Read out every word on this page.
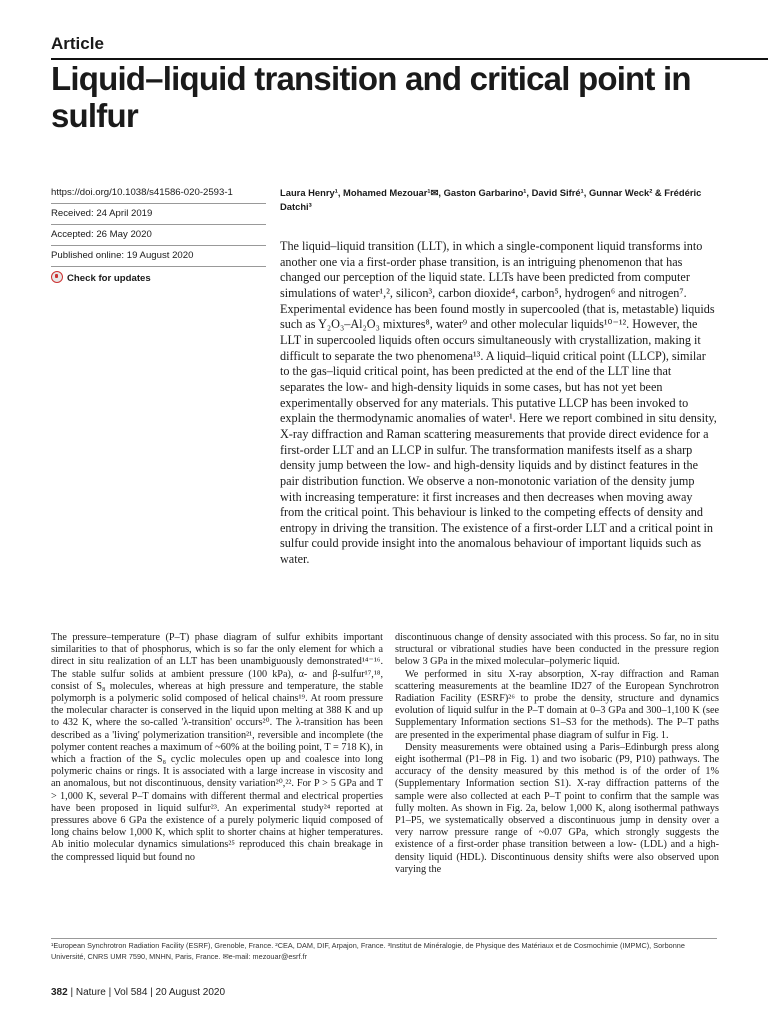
Article
Liquid–liquid transition and critical point in sulfur
https://doi.org/10.1038/s41586-020-2593-1
Received: 24 April 2019
Accepted: 26 May 2020
Published online: 19 August 2020
Check for updates
Laura Henry¹, Mohamed Mezouar¹✉, Gaston Garbarino¹, David Sifré¹, Gunnar Weck² & Frédéric Datchi³
The liquid–liquid transition (LLT), in which a single-component liquid transforms into another one via a first-order phase transition, is an intriguing phenomenon that has changed our perception of the liquid state. LLTs have been predicted from computer simulations of water¹,², silicon³, carbon dioxide⁴, carbon⁵, hydrogen⁶ and nitrogen⁷. Experimental evidence has been found mostly in supercooled (that is, metastable) liquids such as Y₂O₃–Al₂O₃ mixtures⁸, water⁹ and other molecular liquids¹⁰⁻¹². However, the LLT in supercooled liquids often occurs simultaneously with crystallization, making it difficult to separate the two phenomena¹³. A liquid–liquid critical point (LLCP), similar to the gas–liquid critical point, has been predicted at the end of the LLT line that separates the low- and high-density liquids in some cases, but has not yet been experimentally observed for any materials. This putative LLCP has been invoked to explain the thermodynamic anomalies of water¹. Here we report combined in situ density, X-ray diffraction and Raman scattering measurements that provide direct evidence for a first-order LLT and an LLCP in sulfur. The transformation manifests itself as a sharp density jump between the low- and high-density liquids and by distinct features in the pair distribution function. We observe a non-monotonic variation of the density jump with increasing temperature: it first increases and then decreases when moving away from the critical point. This behaviour is linked to the competing effects of density and entropy in driving the transition. The existence of a first-order LLT and a critical point in sulfur could provide insight into the anomalous behaviour of important liquids such as water.

The pressure–temperature (P–T) phase diagram of sulfur exhibits important similarities to that of phosphorus, which is so far the only element for which a direct in situ realization of an LLT has been unambiguously demonstrated¹⁴⁻¹⁶. The stable sulfur solids at ambient pressure (100 kPa), α- and β-sulfur¹⁷,¹⁸, consist of S₈ molecules, whereas at high pressure and temperature, the stable polymorph is a polymeric solid composed of helical chains¹⁹. At room pressure the molecular character is conserved in the liquid upon melting at 388 K and up to 432 K, where the so-called 'λ-transition' occurs²⁰. The λ-transition has been described as a 'living' polymerization transition²¹, reversible and incomplete (the polymer content reaches a maximum of ~60% at the boiling point, T = 718 K), in which a fraction of the S₈ cyclic molecules open up and coalesce into long polymeric chains or rings. It is associated with a large increase in viscosity and an anomalous, but not discontinuous, density variation²⁰,²². For P > 5 GPa and T > 1,000 K, several P–T domains with different thermal and electrical properties have been proposed in liquid sulfur²³. An experimental study²⁴ reported at pressures above 6 GPa the existence of a purely polymeric liquid composed of long chains below 1,000 K, which split to shorter chains at higher temperatures. Ab initio molecular dynamics simulations²⁵ reproduced this chain breakage in the compressed liquid but found no

discontinuous change of density associated with this process. So far, no in situ structural or vibrational studies have been conducted in the pressure region below 3 GPa in the mixed molecular–polymeric liquid.

We performed in situ X-ray absorption, X-ray diffraction and Raman scattering measurements at the beamline ID27 of the European Synchrotron Radiation Facility (ESRF)²⁶ to probe the density, structure and dynamics evolution of liquid sulfur in the P–T domain at 0–3 GPa and 300–1,100 K (see Supplementary Information sections S1–S3 for the methods). The P–T paths are presented in the experimental phase diagram of sulfur in Fig. 1.

Density measurements were obtained using a Paris–Edinburgh press along eight isothermal (P1–P8 in Fig. 1) and two isobaric (P9, P10) pathways. The accuracy of the density measured by this method is of the order of 1% (Supplementary Information section S1). X-ray diffraction patterns of the sample were also collected at each P–T point to confirm that the sample was fully molten. As shown in Fig. 2a, below 1,000 K, along isothermal pathways P1–P5, we systematically observed a discontinuous jump in density over a very narrow pressure range of ~0.07 GPa, which strongly suggests the existence of a first-order phase transition between a low- (LDL) and a high-density liquid (HDL). Discontinuous density shifts were also observed upon varying the

¹European Synchrotron Radiation Facility (ESRF), Grenoble, France. ²CEA, DAM, DIF, Arpajon, France. ³Institut de Minéralogie, de Physique des Matériaux et de Cosmochimie (IMPMC), Sorbonne Université, CNRS UMR 7590, MNHN, Paris, France. ✉e-mail: mezouar@esrf.fr
382 | Nature | Vol 584 | 20 August 2020
